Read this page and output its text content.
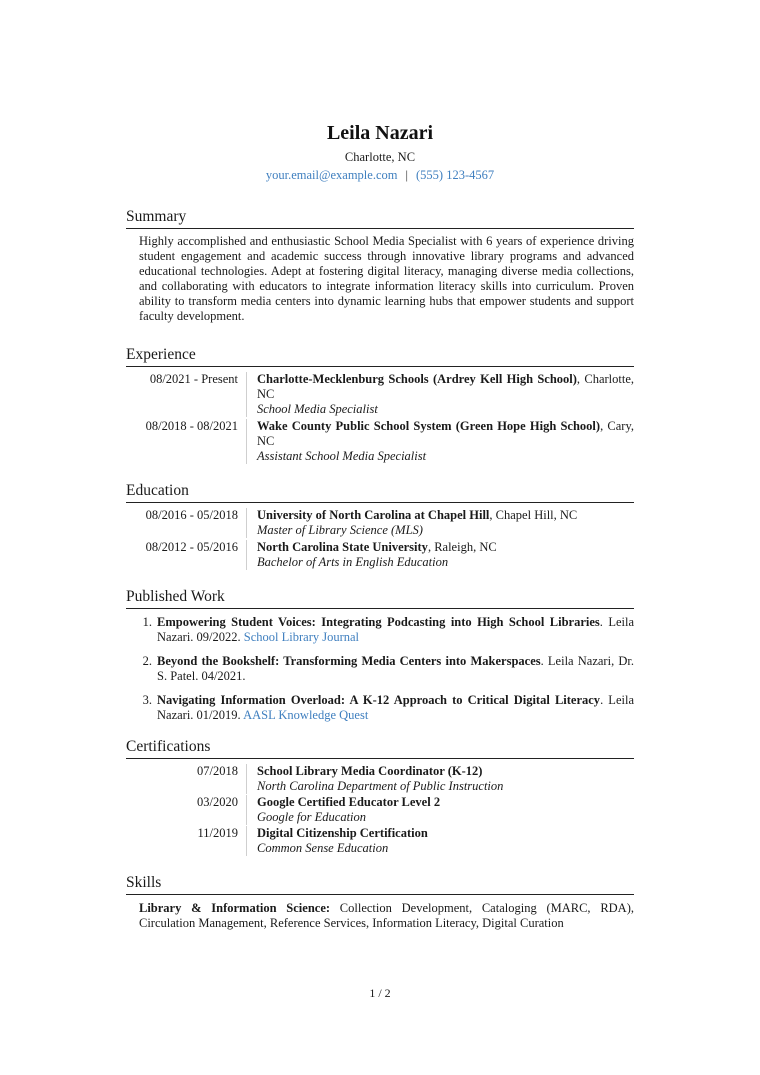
Leila Nazari
Charlotte, NC
your.email@example.com | (555) 123-4567
Summary
Highly accomplished and enthusiastic School Media Specialist with 6 years of experience driving student engagement and academic success through innovative library programs and advanced educational technologies. Adept at fostering digital literacy, managing diverse media collections, and collaborating with educators to integrate information literacy skills into curriculum. Proven ability to transform media centers into dynamic learning hubs that empower students and support faculty development.
Experience
08/2021 - Present	Charlotte-Mecklenburg Schools (Ardrey Kell High School), Charlotte, NC
School Media Specialist
08/2018 - 08/2021	Wake County Public School System (Green Hope High School), Cary, NC
Assistant School Media Specialist
Education
08/2016 - 05/2018	University of North Carolina at Chapel Hill, Chapel Hill, NC
Master of Library Science (MLS)
08/2012 - 05/2016	North Carolina State University, Raleigh, NC
Bachelor of Arts in English Education
Published Work
1. Empowering Student Voices: Integrating Podcasting into High School Libraries. Leila Nazari. 09/2022. School Library Journal
2. Beyond the Bookshelf: Transforming Media Centers into Makerspaces. Leila Nazari, Dr. S. Patel. 04/2021.
3. Navigating Information Overload: A K-12 Approach to Critical Digital Literacy. Leila Nazari. 01/2019. AASL Knowledge Quest
Certifications
07/2018	School Library Media Coordinator (K-12)
North Carolina Department of Public Instruction
03/2020	Google Certified Educator Level 2
Google for Education
11/2019	Digital Citizenship Certification
Common Sense Education
Skills
Library & Information Science: Collection Development, Cataloging (MARC, RDA), Circulation Management, Reference Services, Information Literacy, Digital Curation
1 / 2
